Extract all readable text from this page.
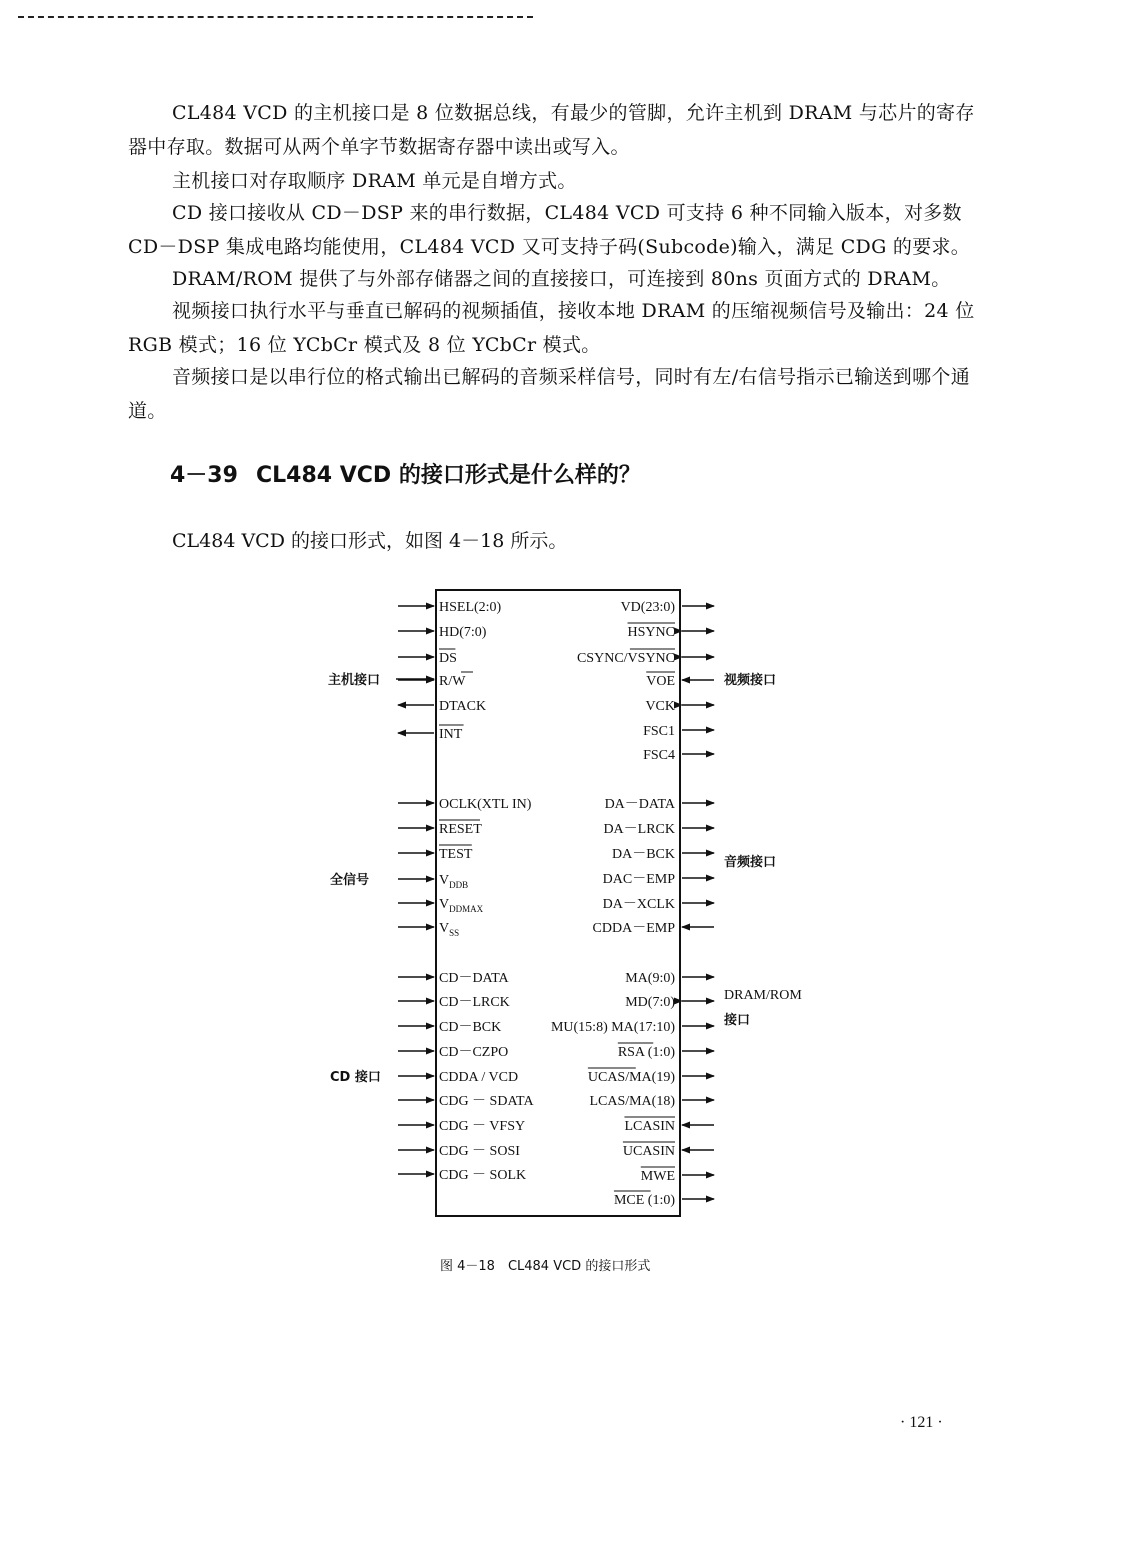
CL484 VCD 的主机接口是 8 位数据总线，有最少的管脚，允许主机到 DRAM 与芯片的寄存器中存取。数据可从两个单字节数据寄存器中读出或写入。

主机接口对存取顺序 DRAM 单元是自增方式。

CD 接口接收从 CD－DSP 来的串行数据，CL484 VCD 可支持 6 种不同输入版本，对多数 CD－DSP 集成电路均能使用，CL484 VCD 又可支持子码(Subcode)输入，满足 CDG 的要求。

DRAM/ROM 提供了与外部存储器之间的直接接口，可连接到 80ns 页面方式的 DRAM。

视频接口执行水平与垂直已解码的视频插值，接收本地 DRAM 的压缩视频信号及输出：24 位 RGB 模式；16 位 YCbCr 模式及 8 位 YCbCr 模式。

音频接口是以串行位的格式输出已解码的音频采样信号，同时有左/右信号指示已输送到哪个通道。

4－39 CL484 VCD 的接口形式是什么样的？

CL484 VCD 的接口形式，如图 4－18 所示。

HSEL(2:0)
HD(7:0)
DS
R/W
DTACK
INT
OCLK(XTL IN)
RESET
TEST
$V_{DDB}$
$V_{DDMAX}$
$V_{SS}$
CD－DATA
CD－LRCK
CD－BCK
CD－CZPO
CDDA / VCD
CDG － SDATA
CDG － VFSY
CDG － SOSI
CDG － SOLK
VD(23:0)
HSYNC
CSYNC/VSYNC
VOE
VCK
FSC1
FSC4
DA－DATA
DA－LRCK
DA－BCK
DAC－EMP
DA－XCLK
CDDA－EMP
MA(9:0)
MD(7:0)
MU(15:8) MA(17:10)
RSA (1:0)
UCAS/MA(19)
LCAS/MA(18)
LCASIN
UCASIN
MWE
MCE (1:0)
主机接口
全信号
CD 接口
视频接口
音频接口
DRAM/ROM
接口
图 4－18　CL484 VCD 的接口形式

· 121 ·
